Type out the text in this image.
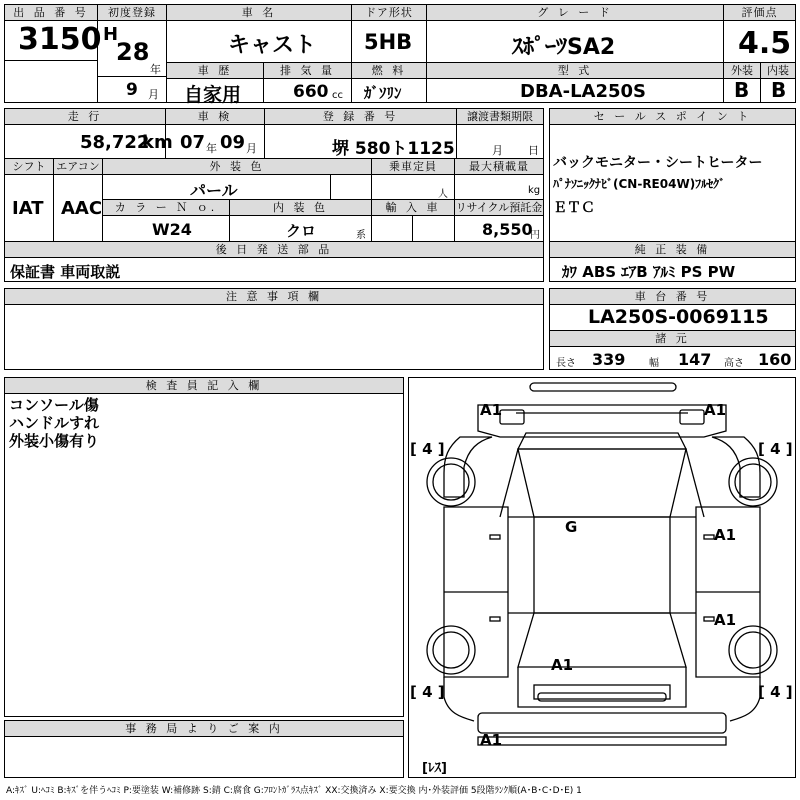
出 品 番 号
3150
初度登録
H
28
年
9 月
車 名
キャスト
ドア形状
5HB
グ レ ー ド
ｽﾎﾟｰﾂSA2
評価点
4.5
車 歴
自家用
排 気 量
660 cc
燃 料
ｶﾞｿﾘﾝ
型 式
DBA-LA250S
外装	内装
B B
走 行
58,722
km
車 検
07 年 09 月
登 録 番 号
堺 580ト1125
譲渡書類期限
月 日
シフト エアコン
IAT AAC
外 装 色
パール
乗車定員
人
最大積載量
kg
カ ラ ー Ｎ ｏ.
W24
内 装 色
クロ	系
輸 入 車	リサイクル預託金
8,550
円
後 日 発 送 部 品
保証書 車両取説
セ ー ル ス ポ イ ン ト
バックモニター・シートヒーター
ﾊﾟﾅｿﾆｯｸﾅﾋﾞ(CN-RE04W)ﾌﾙｾｸﾞ
ＥＴＣ
純 正 装 備
ｶﾜ ABS ｴｱB ｱﾙﾐ PS PW
注 意 事 項 欄	車 台 番 号
LA250S-0069115
諸 元
長さ 339 幅 147 高さ 160
検 査 員 記 入 欄
コンソール傷
ハンドルすれ
外装小傷有り
事 務 局 よ り ご 案 内
A1	A1
[ 4 ]	[ 4 ]
G	A1
A1
A1
[ 4 ]	[ 4 ]
A1
[ﾚｽ]
A:ｷｽﾞ U:ﾍｺﾐ B:ｷｽﾞを伴うﾍｺﾐ P:要塗装 W:補修跡 S:錆 C:腐食 G:ﾌﾛﾝﾄｶﾞﾗｽ点ｷｽﾞ XX:交換済み X:要交換 内･外装評価 5段階ﾗﾝｸ順(A･B･C･D･E) 1
